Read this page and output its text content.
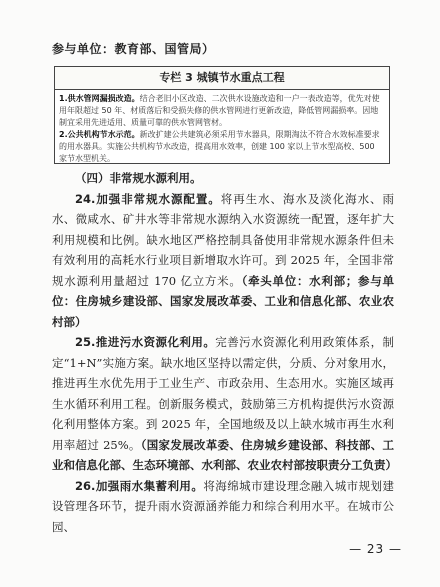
参与单位：教育部、国管局）
专栏 3 城镇节水重点工程
1.供水管网漏损改造。结合老旧小区改造、二次供水设施改造和一户一表改造等，优先对使用年限超过 50 年、材质落后和受损失修的供水管网进行更新改造，降低管网漏损率。因地制宜采用先进适用、质量可靠的供水管网管材。
2.公共机构节水示范。新改扩建公共建筑必须采用节水器具，限期淘汰不符合水效标准要求的用水器具。实施公共机构节水改造，提高用水效率，创建 100 家以上节水型高校、500 家节水型机关。

（四）非常规水源利用。

24.加强非常规水源配置。将再生水、海水及淡化海水、雨水、微咸水、矿井水等非常规水源纳入水资源统一配置，逐年扩大利用规模和比例。缺水地区严格控制具备使用非常规水源条件但未有效利用的高耗水行业项目新增取水许可。到 2025 年，全国非常规水源利用量超过 170 亿立方米。（牵头单位：水利部；参与单位：住房城乡建设部、国家发展改革委、工业和信息化部、农业农村部）

25.推进污水资源化利用。完善污水资源化利用政策体系，制定“1+N”实施方案。缺水地区坚持以需定供，分质、分对象用水，推进再生水优先用于工业生产、市政杂用、生态用水。实施区域再生水循环利用工程。创新服务模式，鼓励第三方机构提供污水资源化利用整体方案。到 2025 年，全国地级及以上缺水城市再生水利用率超过 25%。（国家发展改革委、住房城乡建设部、科技部、工业和信息化部、生态环境部、水利部、农业农村部按职责分工负责）

26.加强雨水集蓄利用。将海绵城市建设理念融入城市规划建设管理各环节，提升雨水资源涵养能力和综合利用水平。在城市公园、

— 23 —
